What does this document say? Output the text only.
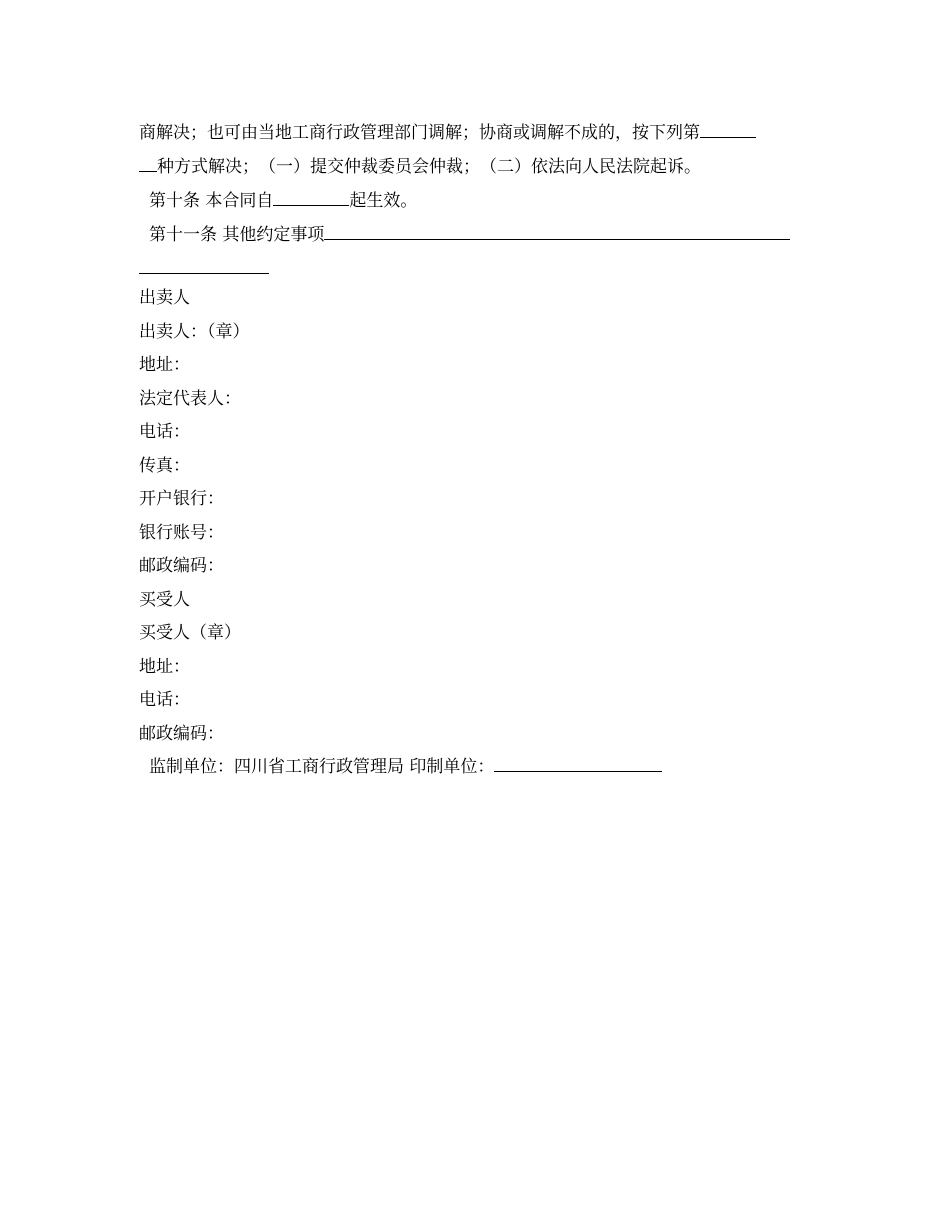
商解决；也可由当地工商行政管理部门调解；协商或调解不成的，按下列第
种方式解决；　（一）提交仲裁委员会仲裁；　（二）依法向人民法院起诉。
第十条 本合同自	起生效。
第十一条 其他约定事项
出卖人
出卖人：（章）
地址：
法定代表人：
电话：
传真：
开户银行：
银行账号：
邮政编码：
买受人
买受人（章）
地址：
电话：
邮政编码：
监制单位：四川省工商行政管理局 印制单位：
